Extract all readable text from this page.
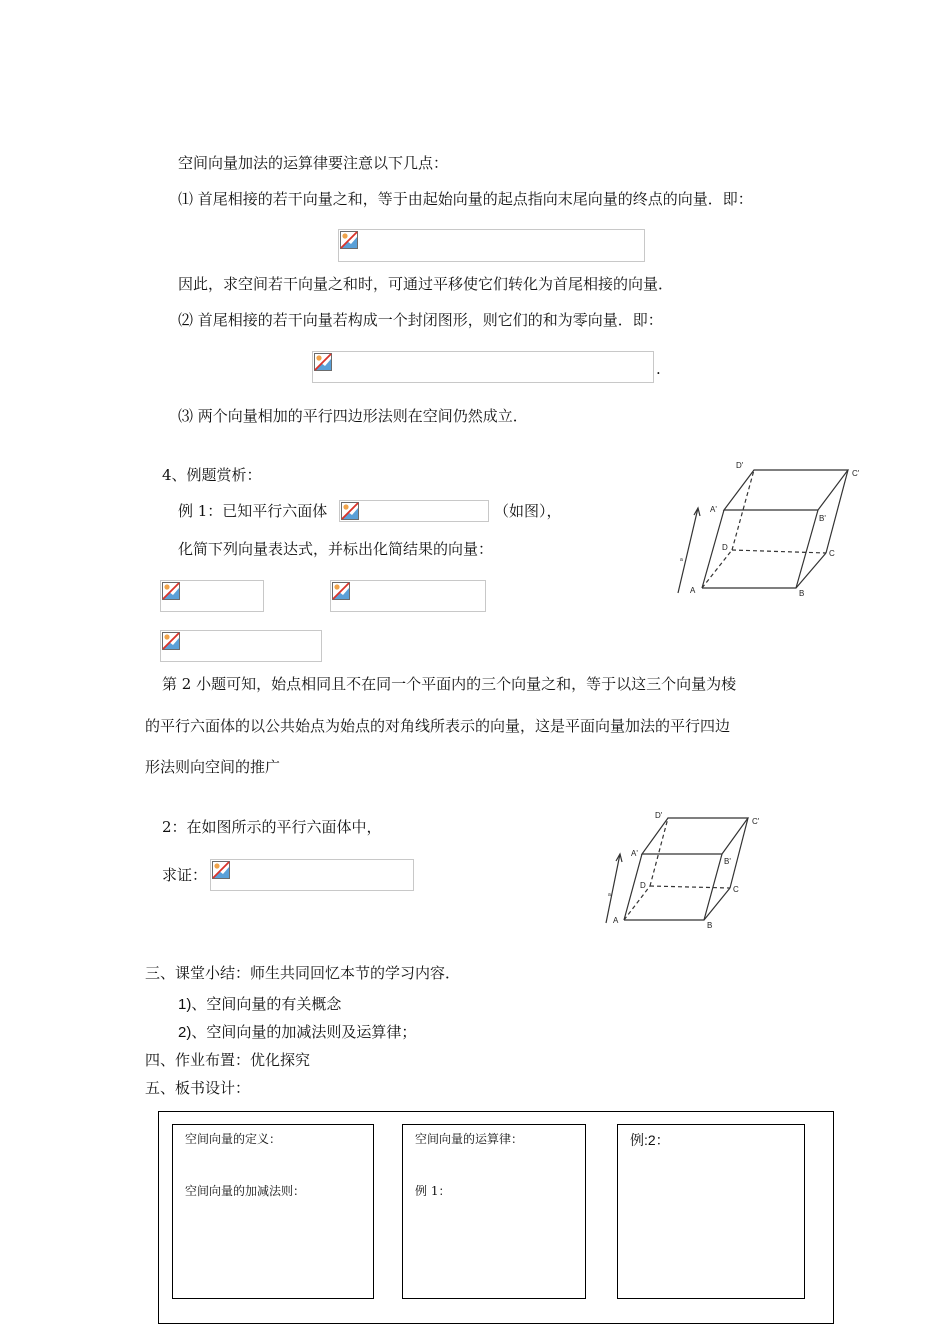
空间向量加法的运算律要注意以下几点：
⑴ 首尾相接的若干向量之和，等于由起始向量的起点指向末尾向量的终点的向量．即：
因此，求空间若干向量之和时，可通过平移使它们转化为首尾相接的向量．
⑵ 首尾相接的若干向量若构成一个封闭图形，则它们的和为零向量．即：
.
⑶ 两个向量相加的平行四边形法则在空间仍然成立．
4、例题赏析：
例 1：已知平行六面体	（如图），
化简下列向量表达式，并标出化简结果的向量：
A	B
C
D
A'
B'
C'
D'
a
第 2 小题可知，始点相同且不在同一个平面内的三个向量之和，等于以这三个向量为棱
的平行六面体的以公共始点为始点的对角线所表示的向量，这是平面向量加法的平行四边
形法则向空间的推广
2：在如图所示的平行六面体中，
求证：
A
B
C
D
A'
B'
C'
D'
a
三、课堂小结：师生共同回忆本节的学习内容．
1)、空间向量的有关概念
2)、空间向量的加减法则及运算律；
四、作业布置：优化探究
五、板书设计：
空间向量的定义：
空间向量的加减法则：
空间向量的运算律：
例 1：
例:2：
